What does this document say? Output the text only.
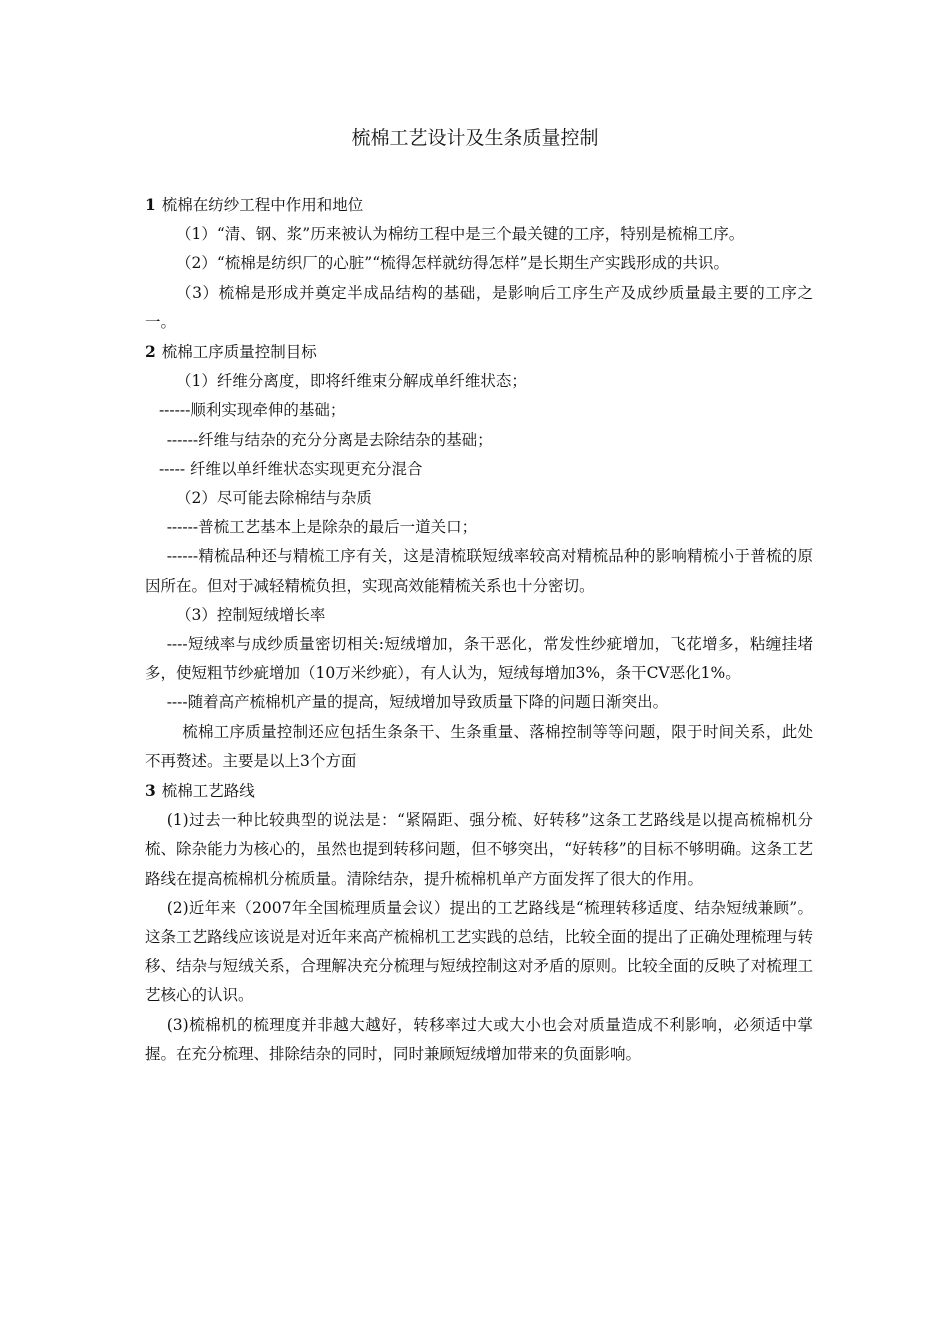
梳棉工艺设计及生条质量控制

1 梳棉在纺纱工程中作用和地位

（1）“清、钢、浆”历来被认为棉纺工程中是三个最关键的工序，特别是梳棉工序。

（2）“梳棉是纺织厂的心脏”“梳得怎样就纺得怎样”是长期生产实践形成的共识。

（3）梳棉是形成并奠定半成品结构的基础，是影响后工序生产及成纱质量最主要的工序之一。

2 梳棉工序质量控制目标

（1）纤维分离度，即将纤维束分解成单纤维状态；

------顺利实现牵伸的基础；

------纤维与结杂的充分分离是去除结杂的基础；

----- 纤维以单纤维状态实现更充分混合

（2）尽可能去除棉结与杂质

------普梳工艺基本上是除杂的最后一道关口；

------精梳品种还与精梳工序有关，这是清梳联短绒率较高对精梳品种的影响精梳小于普梳的原因所在。但对于减轻精梳负担，实现高效能精梳关系也十分密切。

（3）控制短绒增长率

----短绒率与成纱质量密切相关:短绒增加，条干恶化，常发性纱疵增加，飞花增多，粘缠挂堵多，使短粗节纱疵增加（10万米纱疵），有人认为，短绒每增加3%，条干CV恶化1%。

----随着高产梳棉机产量的提高，短绒增加导致质量下降的问题日渐突出。

梳棉工序质量控制还应包括生条条干、生条重量、落棉控制等等问题，限于时间关系，此处不再赘述。主要是以上3个方面

3 梳棉工艺路线

(1)过去一种比较典型的说法是：“紧隔距、强分梳、好转移”这条工艺路线是以提高梳棉机分梳、除杂能力为核心的，虽然也提到转移问题，但不够突出，“好转移”的目标不够明确。这条工艺路线在提高梳棉机分梳质量。清除结杂，提升梳棉机单产方面发挥了很大的作用。

(2)近年来（2007年全国梳理质量会议）提出的工艺路线是“梳理转移适度、结杂短绒兼顾”。这条工艺路线应该说是对近年来高产梳棉机工艺实践的总结，比较全面的提出了正确处理梳理与转移、结杂与短绒关系，合理解决充分梳理与短绒控制这对矛盾的原则。比较全面的反映了对梳理工艺核心的认识。

(3)梳棉机的梳理度并非越大越好，转移率过大或大小也会对质量造成不利影响，必须适中掌握。在充分梳理、排除结杂的同时，同时兼顾短绒增加带来的负面影响。
